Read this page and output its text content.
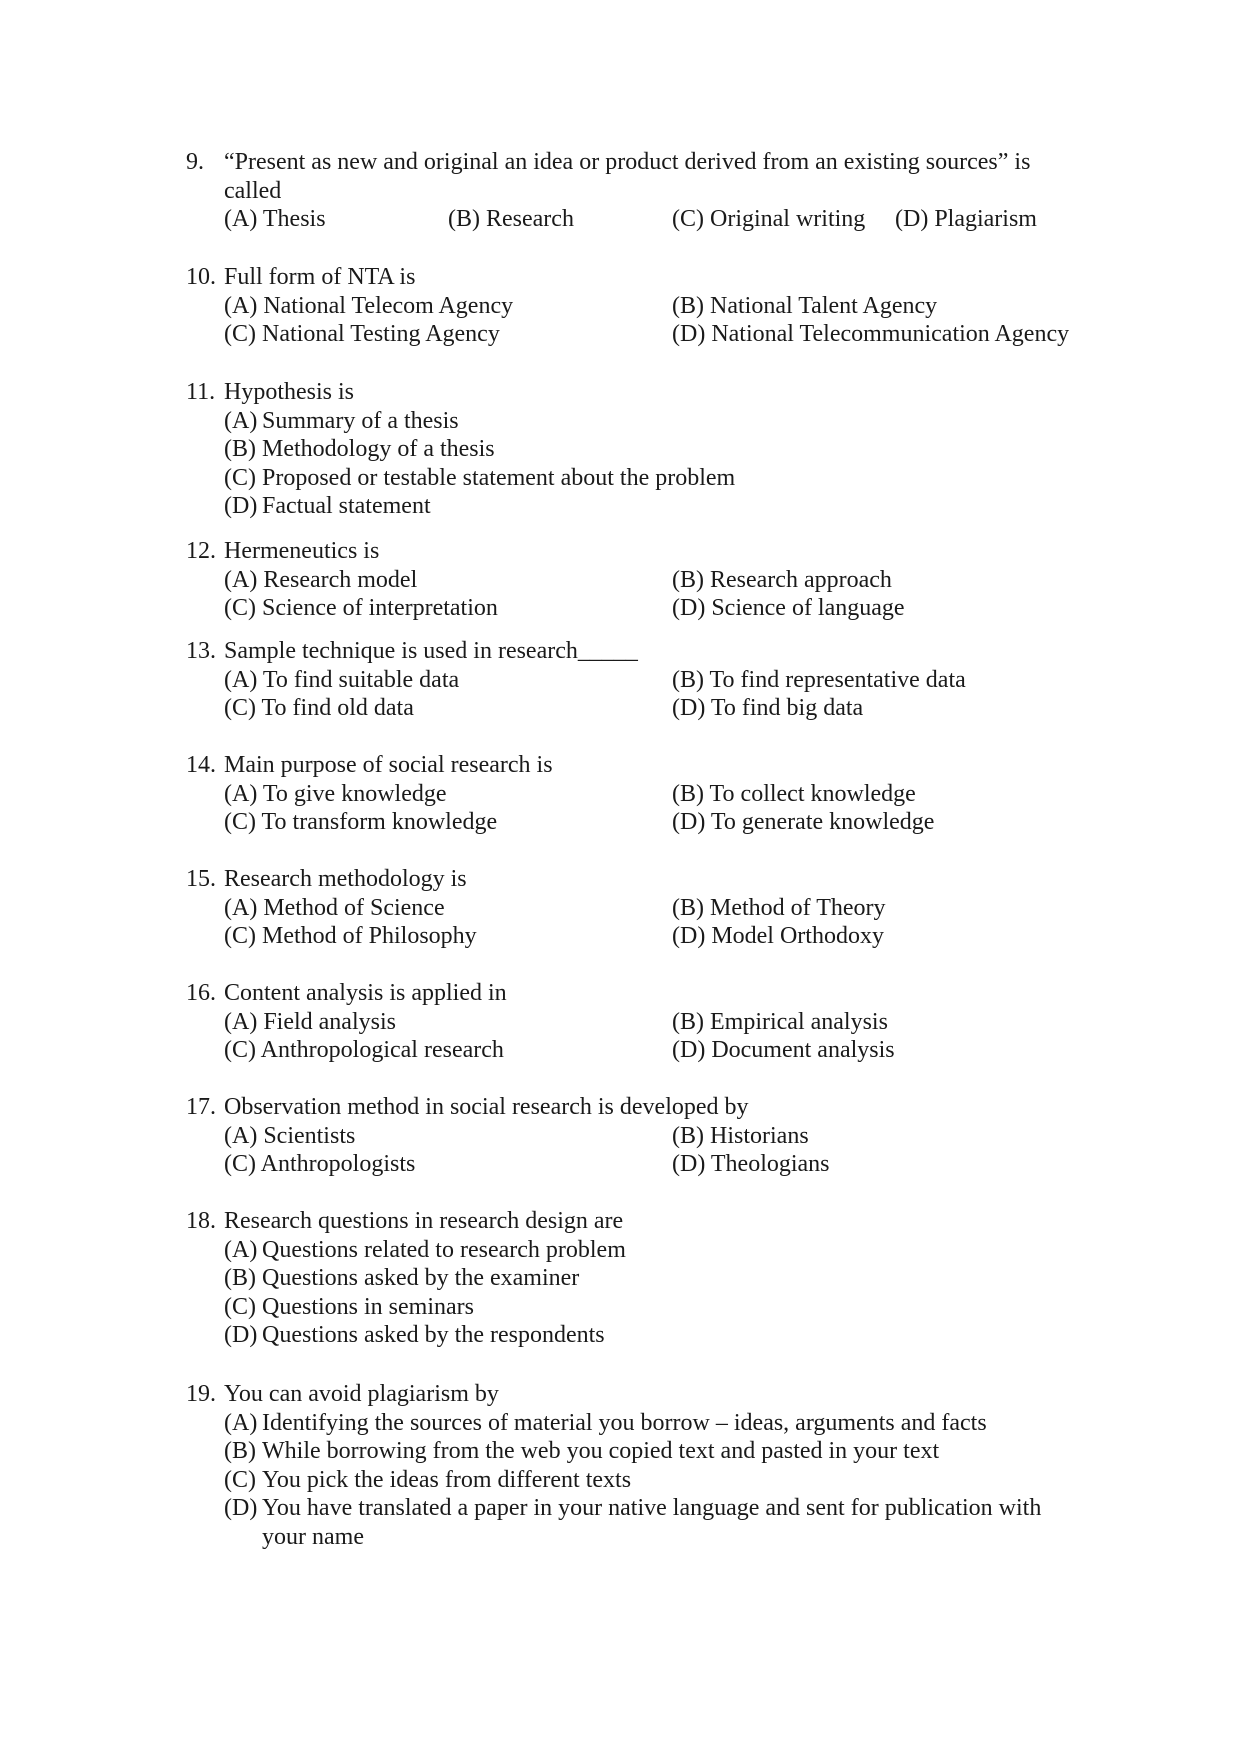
9. “Present as new and original an idea or product derived from an existing sources” is called
(A) Thesis	(B) Research	(C) Original writing (D) Plagiarism
10. Full form of NTA is
(A) National Telecom Agency	(B) National Talent Agency
(C) National Testing Agency	(D) National Telecommunication Agency
11. Hypothesis is
(A) Summary of a thesis
(B) Methodology of a thesis
(C) Proposed or testable statement about the problem
(D) Factual statement
12. Hermeneutics is
(A) Research model	(B) Research approach
(C) Science of interpretation	(D) Science of language
13. Sample technique is used in research_____
(A) To find suitable data	(B) To find representative data
(C) To find old data	(D) To find big data
14. Main purpose of social research is
(A) To give knowledge	(B) To collect knowledge
(C) To transform knowledge	(D) To generate knowledge
15. Research methodology is
(A) Method of Science	(B) Method of Theory
(C) Method of Philosophy	(D) Model Orthodoxy
16. Content analysis is applied in
(A) Field analysis	(B) Empirical analysis
(C) Anthropological research	(D) Document analysis
17. Observation method in social research is developed by
(A) Scientists	(B) Historians
(C) Anthropologists	(D) Theologians
18. Research questions in research design are
(A) Questions related to research problem
(B) Questions asked by the examiner
(C) Questions in seminars
(D) Questions asked by the respondents
19. You can avoid plagiarism by
(A) Identifying the sources of material you borrow – ideas, arguments and facts
(B) While borrowing from the web you copied text and pasted in your text
(C) You pick the ideas from different texts
(D) You have translated a paper in your native language and sent for publication with your name
